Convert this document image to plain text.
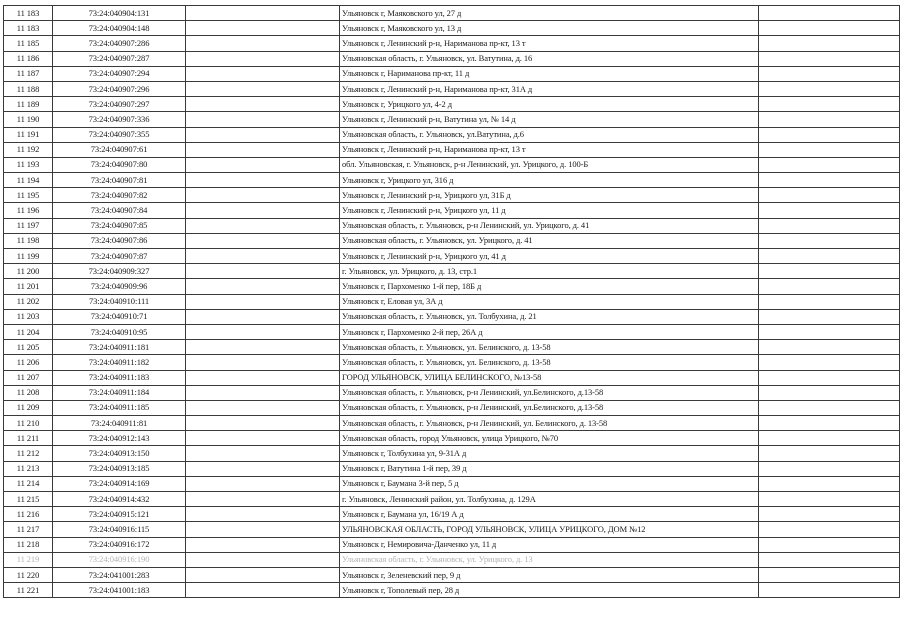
11 183	73:24:040904:131		Ульяновск г, Маяковского ул, 27 д	
11 183	73:24:040904:148		Ульяновск г, Маяковского ул, 13 д	
11 185	73:24:040907:286		Ульяновск г, Ленинский р-н, Нариманова пр-кт, 13 т	
11 186	73:24:040907:287		Ульяновская область, г. Ульяновск, ул. Ватутина, д. 16	
11 187	73:24:040907:294		Ульяновск г, Нариманова пр-кт, 11 д	
11 188	73:24:040907:296		Ульяновск г, Ленинский р-н, Нариманова пр-кт, 31А д	
11 189	73:24:040907:297		Ульяновск г, Урицкого ул, 4-2 д	
11 190	73:24:040907:336		Ульяновск г, Ленинский р-н, Ватутина ул, № 14 д	
11 191	73:24:040907:355		Ульяновская область, г. Ульяновск, ул.Ватутина, д.6	
11 192	73:24:040907:61		Ульяновск г, Ленинский р-н, Нариманова пр-кт, 13 т	
11 193	73:24:040907:80		обл. Ульяновская, г. Ульяновск, р-н Ленинский, ул. Урицкого, д. 100-Б	
11 194	73:24:040907:81		Ульяновск г, Урицкого ул, 316 д	
11 195	73:24:040907:82		Ульяновск г, Ленинский р-н, Урицкого ул, 31Б д	
11 196	73:24:040907:84		Ульяновск г, Ленинский р-н, Урицкого ул, 11 д	
11 197	73:24:040907:85		Ульяновская область, г. Ульяновск, р-н Ленинский, ул. Урицкого, д. 41	
11 198	73:24:040907:86		Ульяновская область, г. Ульяновск, ул. Урицкого, д. 41	
11 199	73:24:040907:87		Ульяновск г, Ленинский р-н, Урицкого ул, 41 д	
11 200	73:24:040909:327		г. Ульяновск, ул. Урицкого, д. 13, стр.1	
11 201	73:24:040909:96		Ульяновск г, Пархоменко 1-й пер, 18Б д	
11 202	73:24:040910:111		Ульяновск г, Еловая ул, 3А д	
11 203	73:24:040910:71		Ульяновская область, г. Ульяновск, ул. Толбухина, д. 21	
11 204	73:24:040910:95		Ульяновск г, Пархоменко 2-й пер, 26А д	
11 205	73:24:040911:181		Ульяновская область, г. Ульяновск, ул. Белинского, д. 13-58	
11 206	73:24:040911:182		Ульяновская область, г. Ульяновск, ул. Белинского, д. 13-58	
11 207	73:24:040911:183		ГОРОД УЛЬЯНОВСК, УЛИЦА БЕЛИНСКОГО, №13-58	
11 208	73:24:040911:184		Ульяновская область, г. Ульяновск, р-н Ленинский, ул.Белинского, д.13-58	
11 209	73:24:040911:185		Ульяновская область, г. Ульяновск, р-н Ленинский, ул.Белинского, д.13-58	
11 210	73:24:040911:81		Ульяновская область, г. Ульяновск, р-н Ленинский, ул. Белинского, д. 13-58	
11 211	73:24:040912:143		Ульяновская область, город Ульяновск, улица Урицкого, №70	
11 212	73:24:040913:150		Ульяновск г, Толбухина ул, 9-31А д	
11 213	73:24:040913:185		Ульяновск г, Ватутина 1-й пер, 39 д	
11 214	73:24:040914:169		Ульяновск г, Баумана 3-й пер, 5 д	
11 215	73:24:040914:432		г. Ульяновск, Ленинский район, ул. Толбухина, д. 129А	
11 216	73:24:040915:121		Ульяновск г, Баумана ул, 16/19 А д	
11 217	73:24:040916:115		УЛЬЯНОВСКАЯ ОБЛАСТЬ, ГОРОД УЛЬЯНОВСК, УЛИЦА УРИЦКОГО, ДОМ №12	
11 218	73:24:040916:172		Ульяновск г, Немировича-Данченко ул, 11 д	
11 219	73:24:040916:190		Ульяновская область, г. Ульяновск, ул. Урицкого, д. 13	
11 220	73:24:041001:283		Ульяновск г, Зеленевский пер, 9 д	
11 221	73:24:041001:183		Ульяновск г, Тополевый пер, 28 д	
